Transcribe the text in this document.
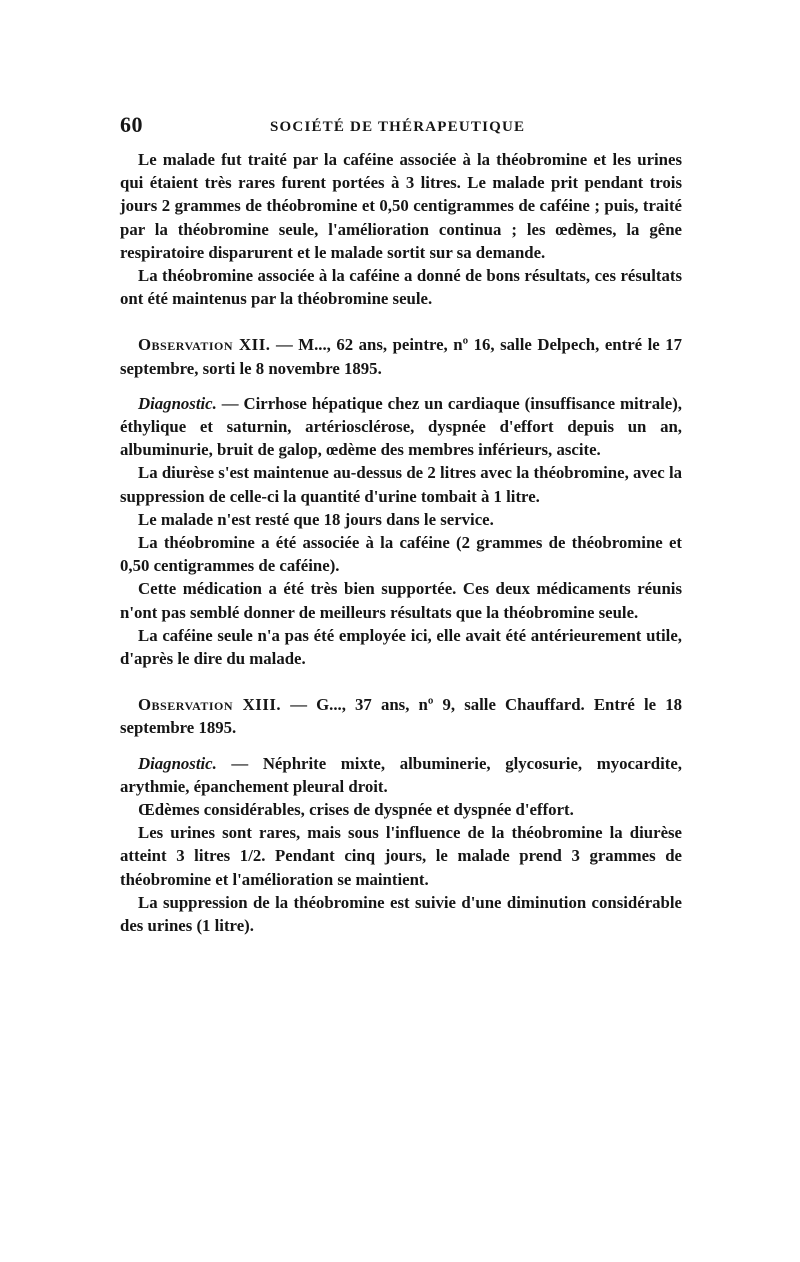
60	SOCIÉTÉ DE THÉRAPEUTIQUE

Le malade fut traité par la caféine associée à la théobromine et les urines qui étaient très rares furent portées à 3 litres. Le malade prit pendant trois jours 2 grammes de théobromine et 0,50 centigrammes de caféine ; puis, traité par la théobromine seule, l'amélioration continua ; les œdèmes, la gêne respiratoire disparurent et le malade sortit sur sa demande.

La théobromine associée à la caféine a donné de bons résultats, ces résultats ont été maintenus par la théobromine seule.

Observation XII. — M..., 62 ans, peintre, nº 16, salle Delpech, entré le 17 septembre, sorti le 8 novembre 1895.

Diagnostic. — Cirrhose hépatique chez un cardiaque (insuffisance mitrale), éthylique et saturnin, artériosclérose, dyspnée d'effort depuis un an, albuminurie, bruit de galop, œdème des membres inférieurs, ascite.

La diurèse s'est maintenue au-dessus de 2 litres avec la théobromine, avec la suppression de celle-ci la quantité d'urine tombait à 1 litre.

Le malade n'est resté que 18 jours dans le service.

La théobromine a été associée à la caféine (2 grammes de théobromine et 0,50 centigrammes de caféine).

Cette médication a été très bien supportée. Ces deux médicaments réunis n'ont pas semblé donner de meilleurs résultats que la théobromine seule.

La caféine seule n'a pas été employée ici, elle avait été antérieurement utile, d'après le dire du malade.

Observation XIII. — G..., 37 ans, nº 9, salle Chauffard. Entré le 18 septembre 1895.

Diagnostic. — Néphrite mixte, albuminerie, glycosurie, myocardite, arythmie, épanchement pleural droit.

Œdèmes considérables, crises de dyspnée et dyspnée d'effort.

Les urines sont rares, mais sous l'influence de la théobromine la diurèse atteint 3 litres 1/2. Pendant cinq jours, le malade prend 3 grammes de théobromine et l'amélioration se maintient.

La suppression de la théobromine est suivie d'une diminution considérable des urines (1 litre).
